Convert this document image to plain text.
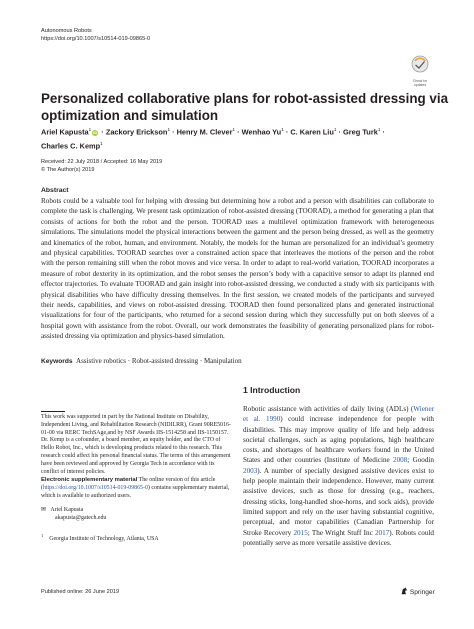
Autonomous Robots
https://doi.org/10.1007/s10514-019-09865-0
Check for
updates
Personalized collaborative plans for robot-assisted dressing via
optimization and simulation
Ariel Kapusta$^1$iD · Zackory Erickson$^1$ · Henry M. Clever$^1$ · Wenhao $Yu^1 \cdot C$. Karen Liu$^1$ · Greg Turk$^1$ ·
Charles C. Kemp$^1$
Received: 22 July 2018 / Accepted: 16 May 2019
© The Author(s) 2019
Abstract
Robots could be a valuable tool for helping with dressing but determining how a robot and a person with disabilities can collaborate to complete the task is challenging. We present task optimization of robot-assisted dressing (TOORAD), a method for generating a plan that consists of actions for both the robot and the person. TOORAD uses a multilevel optimization framework with heterogeneous simulations. The simulations model the physical interactions between the garment and the person being dressed, as well as the geometry and kinematics of the robot, human, and environment. Notably, the models for the human are personalized for an individual’s geometry and physical capabilities. TOORAD searches over a constrained action space that interleaves the motions of the person and the robot with the person remaining still when the robot moves and vice versa. In order to adapt to real-world variation, TOORAD incorporates a measure of robot dexterity in its optimization, and the robot senses the person’s body with a capacitive sensor to adapt its planned end effector trajectories. To evaluate TOORAD and gain insight into robot-assisted dressing, we conducted a study with six participants with physical disabilities who have difficulty dressing themselves. In the first session, we created models of the participants and surveyed their needs, capabilities, and views on robot-assisted dressing. TOORAD then found personalized plans and generated instructional visualizations for four of the participants, who returned for a second session during which they successfully put on both sleeves of a hospital gown with assistance from the robot. Overall, our work demonstrates the feasibility of generating personalized plans for robot-assisted dressing via optimization and physics-based simulation.
Keywords Assistive robotics · Robot-assisted dressing · Manipulation
This work was supported in part by the National Institute on Disability, Independent Living, and Rehabilitation Research (NIDILRR), Grant 90RE5016-01-00 via RERC TechSAge,and by NSF Awards IIS-1514258 and IIS-1150157. Dr. Kemp is a cofounder, a board member, an equity holder, and the CTO of Hello Robot, Inc., which is developing products related to this research. This research could affect his personal financial status. The terms of this arrangement have been reviewed and approved by Georgia Tech in accordance with its conflict of interest policies.
Electronic supplementary material The online version of this article (https://doi.org/10.1007/s10514-019-09865-0) contains supplementary material, which is available to authorized users.
✉ Ariel Kapusta
akapusta@gatech.edu
$^1$    Georgia Institute of Technology, Atlanta, USA
1 Introduction
Robotic assistance with activities of daily living (ADLs) (Wiener et al. 1990) could increase independence for people with disabilities. This may improve quality of life and help address societal challenges, such as aging populations, high healthcare costs, and shortages of healthcare workers found in the United States and other countries (Institute of Medicine 2008; Goodin 2003). A number of specially designed assistive devices exist to help people maintain their independence. However, many current assistive devices, such as those for dressing (e.g., reachers, dressing sticks, long-handled shoe-horns, and sock aids), provide limited support and rely on the user having substantial cognitive, perceptual, and motor capabilities (Canadian Partnership for Stroke Recovery 2015; The Wright Stuff Inc 2017). Robots could potentially serve as more versatile assistive devices.
Published online: 26 June 2019	Springer
